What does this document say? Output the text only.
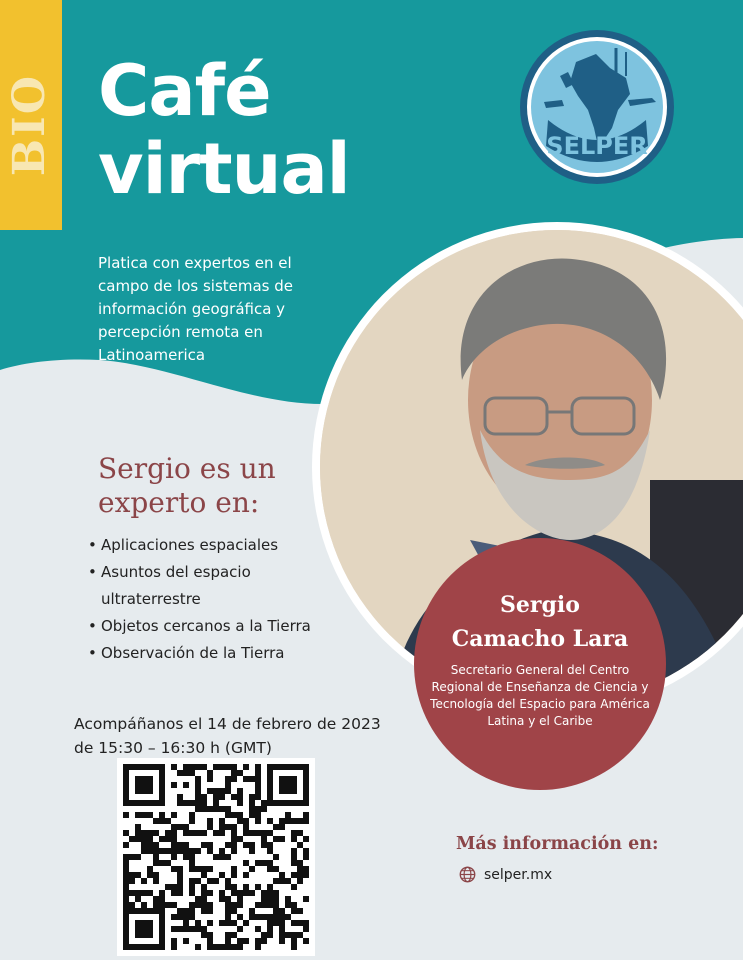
BIO Café
virtual
Platica con expertos en el campo de los sistemas de información geográfica y percepción remota en Latinoamerica
SELPER
Sergio es un
experto en:
• Aplicaciones espaciales
• Asuntos del espacio ultraterrestre
• Objetos cercanos a la Tierra
• Observación de la Tierra
Acompáñanos el 14 de febrero de 2023
de 15:30 – 16:30 h (GMT)
Sergio
Camacho Lara
Secretario General del Centro Regional de Enseñanza de Ciencia y Tecnología del Espacio para América Latina y el Caribe
Más información en:
selper.mx
